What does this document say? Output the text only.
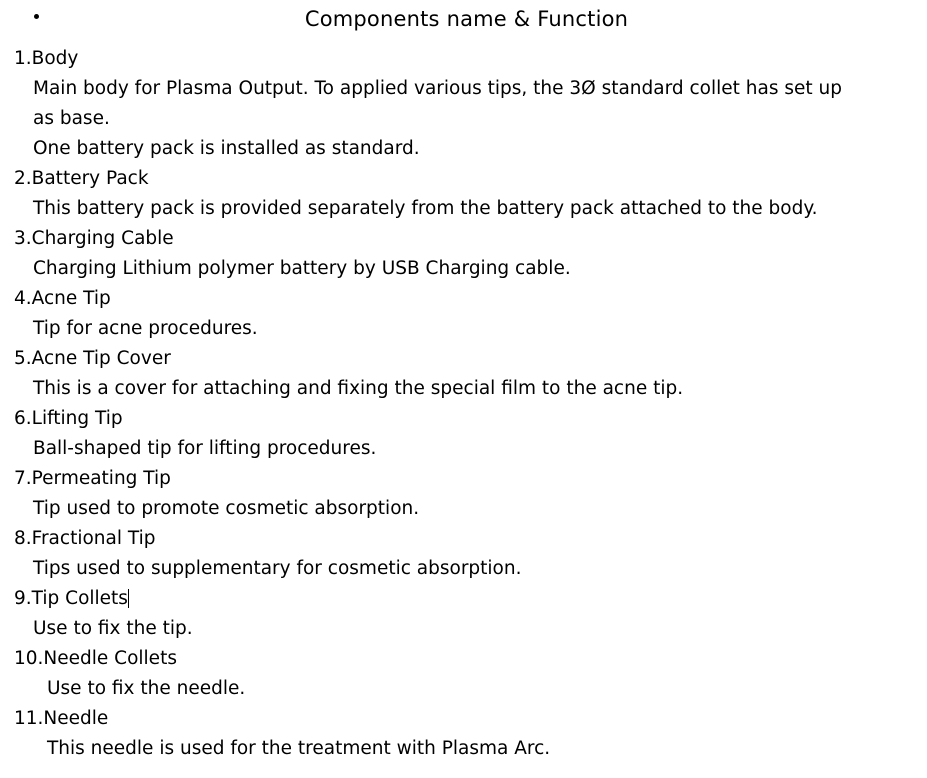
Components name & Function
1.Body
Main body for Plasma Output. To applied various tips, the 3Ø standard collet has set up
as base.
One battery pack is installed as standard.
2.Battery Pack
This battery pack is provided separately from the battery pack attached to the body.
3.Charging Cable
Charging Lithium polymer battery by USB Charging cable.
4.Acne Tip
Tip for acne procedures.
5.Acne Tip Cover
This is a cover for attaching and fixing the special film to the acne tip.
6.Lifting Tip
Ball-shaped tip for lifting procedures.
7.Permeating Tip
Tip used to promote cosmetic absorption.
8.Fractional Tip
Tips used to supplementary for cosmetic absorption.
9.Tip Collets
Use to fix the tip.
10.Needle Collets
Use to fix the needle.
11.Needle
This needle is used for the treatment with Plasma Arc.
